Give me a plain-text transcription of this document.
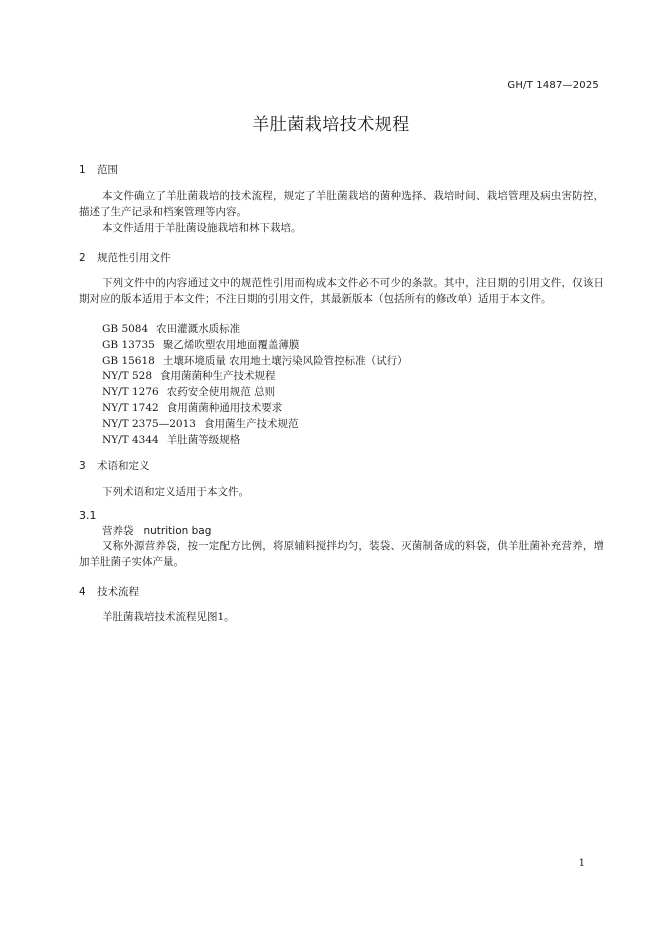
GH/T 1487—2025
羊肚菌栽培技术规程
1 范围
本文件确立了羊肚菌栽培的技术流程，规定了羊肚菌栽培的菌种选择、栽培时间、栽培管理及病虫害防控，描述了生产记录和档案管理等内容。
本文件适用于羊肚菌设施栽培和林下栽培。
2 规范性引用文件
下列文件中的内容通过文中的规范性引用而构成本文件必不可少的条款。其中，注日期的引用文件，仅该日期对应的版本适用于本文件；不注日期的引用文件，其最新版本（包括所有的修改单）适用于本文件。
GB 5084 农田灌溉水质标准
GB 13735 聚乙烯吹塑农用地面覆盖薄膜
GB 15618 土壤环境质量 农用地土壤污染风险管控标准（试行）
NY/T 528 食用菌菌种生产技术规程
NY/T 1276 农药安全使用规范 总则
NY/T 1742 食用菌菌种通用技术要求
NY/T 2375—2013 食用菌生产技术规范
NY/T 4344 羊肚菌等级规格
3 术语和定义
下列术语和定义适用于本文件。
3.1
营养袋 nutrition bag
又称外源营养袋，按一定配方比例，将原辅料搅拌均匀，装袋、灭菌制备成的料袋，供羊肚菌补充营养，增加羊肚菌子实体产量。
4 技术流程
羊肚菌栽培技术流程见图1。
1
